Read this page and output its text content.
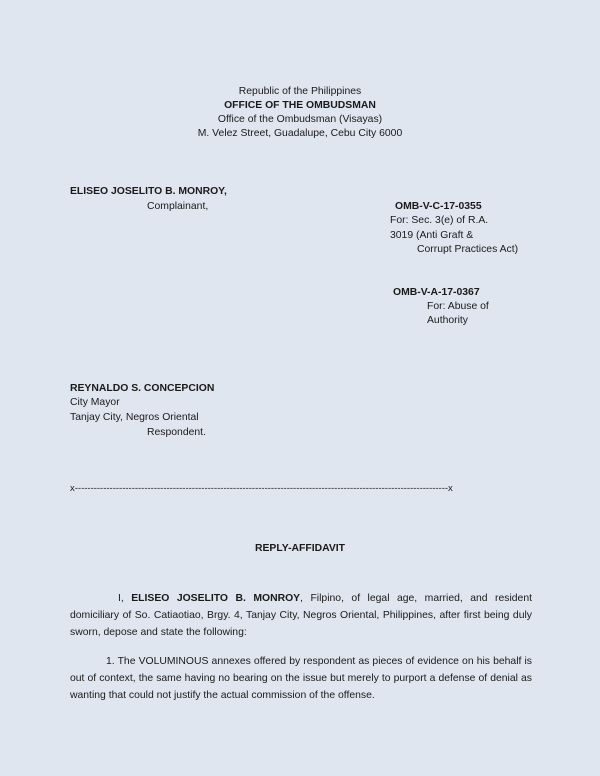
Republic of the Philippines
OFFICE OF THE OMBUDSMAN
Office of the Ombudsman (Visayas)
M. Velez Street, Guadalupe, Cebu City 6000
ELISEO JOSELITO B. MONROY,
Complainant,	OMB-V-C-17-0355
For: Sec. 3(e) of R.A.
3019 (Anti Graft &
Corrupt Practices Act)
OMB-V-A-17-0367
For: Abuse of
Authority
REYNALDO S. CONCEPCION
City Mayor
Tanjay City, Negros Oriental
Respondent.
x----------------------------------------------------------------------------------------------------------------------x
REPLY-AFFIDAVIT
I, ELISEO JOSELITO B. MONROY, Filpino, of legal age, married, and resident domiciliary of So. Catiaotiao, Brgy. 4, Tanjay City, Negros Oriental, Philippines, after first being duly sworn, depose and state the following:
1. The VOLUMINOUS annexes offered by respondent as pieces of evidence on his behalf is out of context, the same having no bearing on the issue but merely to purport a defense of denial as wanting that could not justify the actual commission of the offense.
